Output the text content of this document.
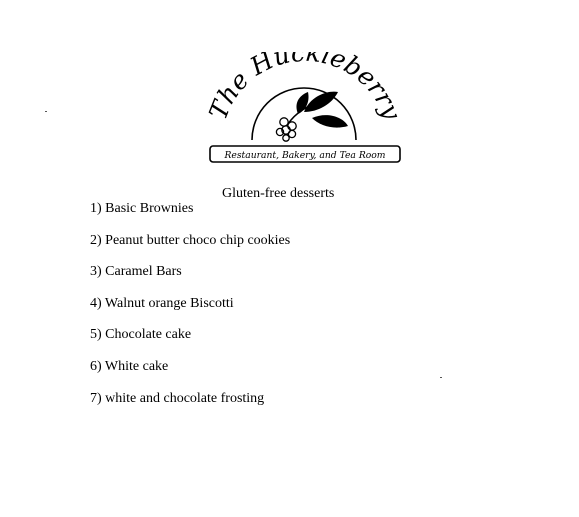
The Huckleberry
Restaurant, Bakery, and Tea Room
Gluten-free desserts
1) Basic Brownies
2) Peanut butter choco chip cookies
3) Caramel Bars
4) Walnut orange Biscotti
5) Chocolate cake
6) White cake
7) white and chocolate frosting
